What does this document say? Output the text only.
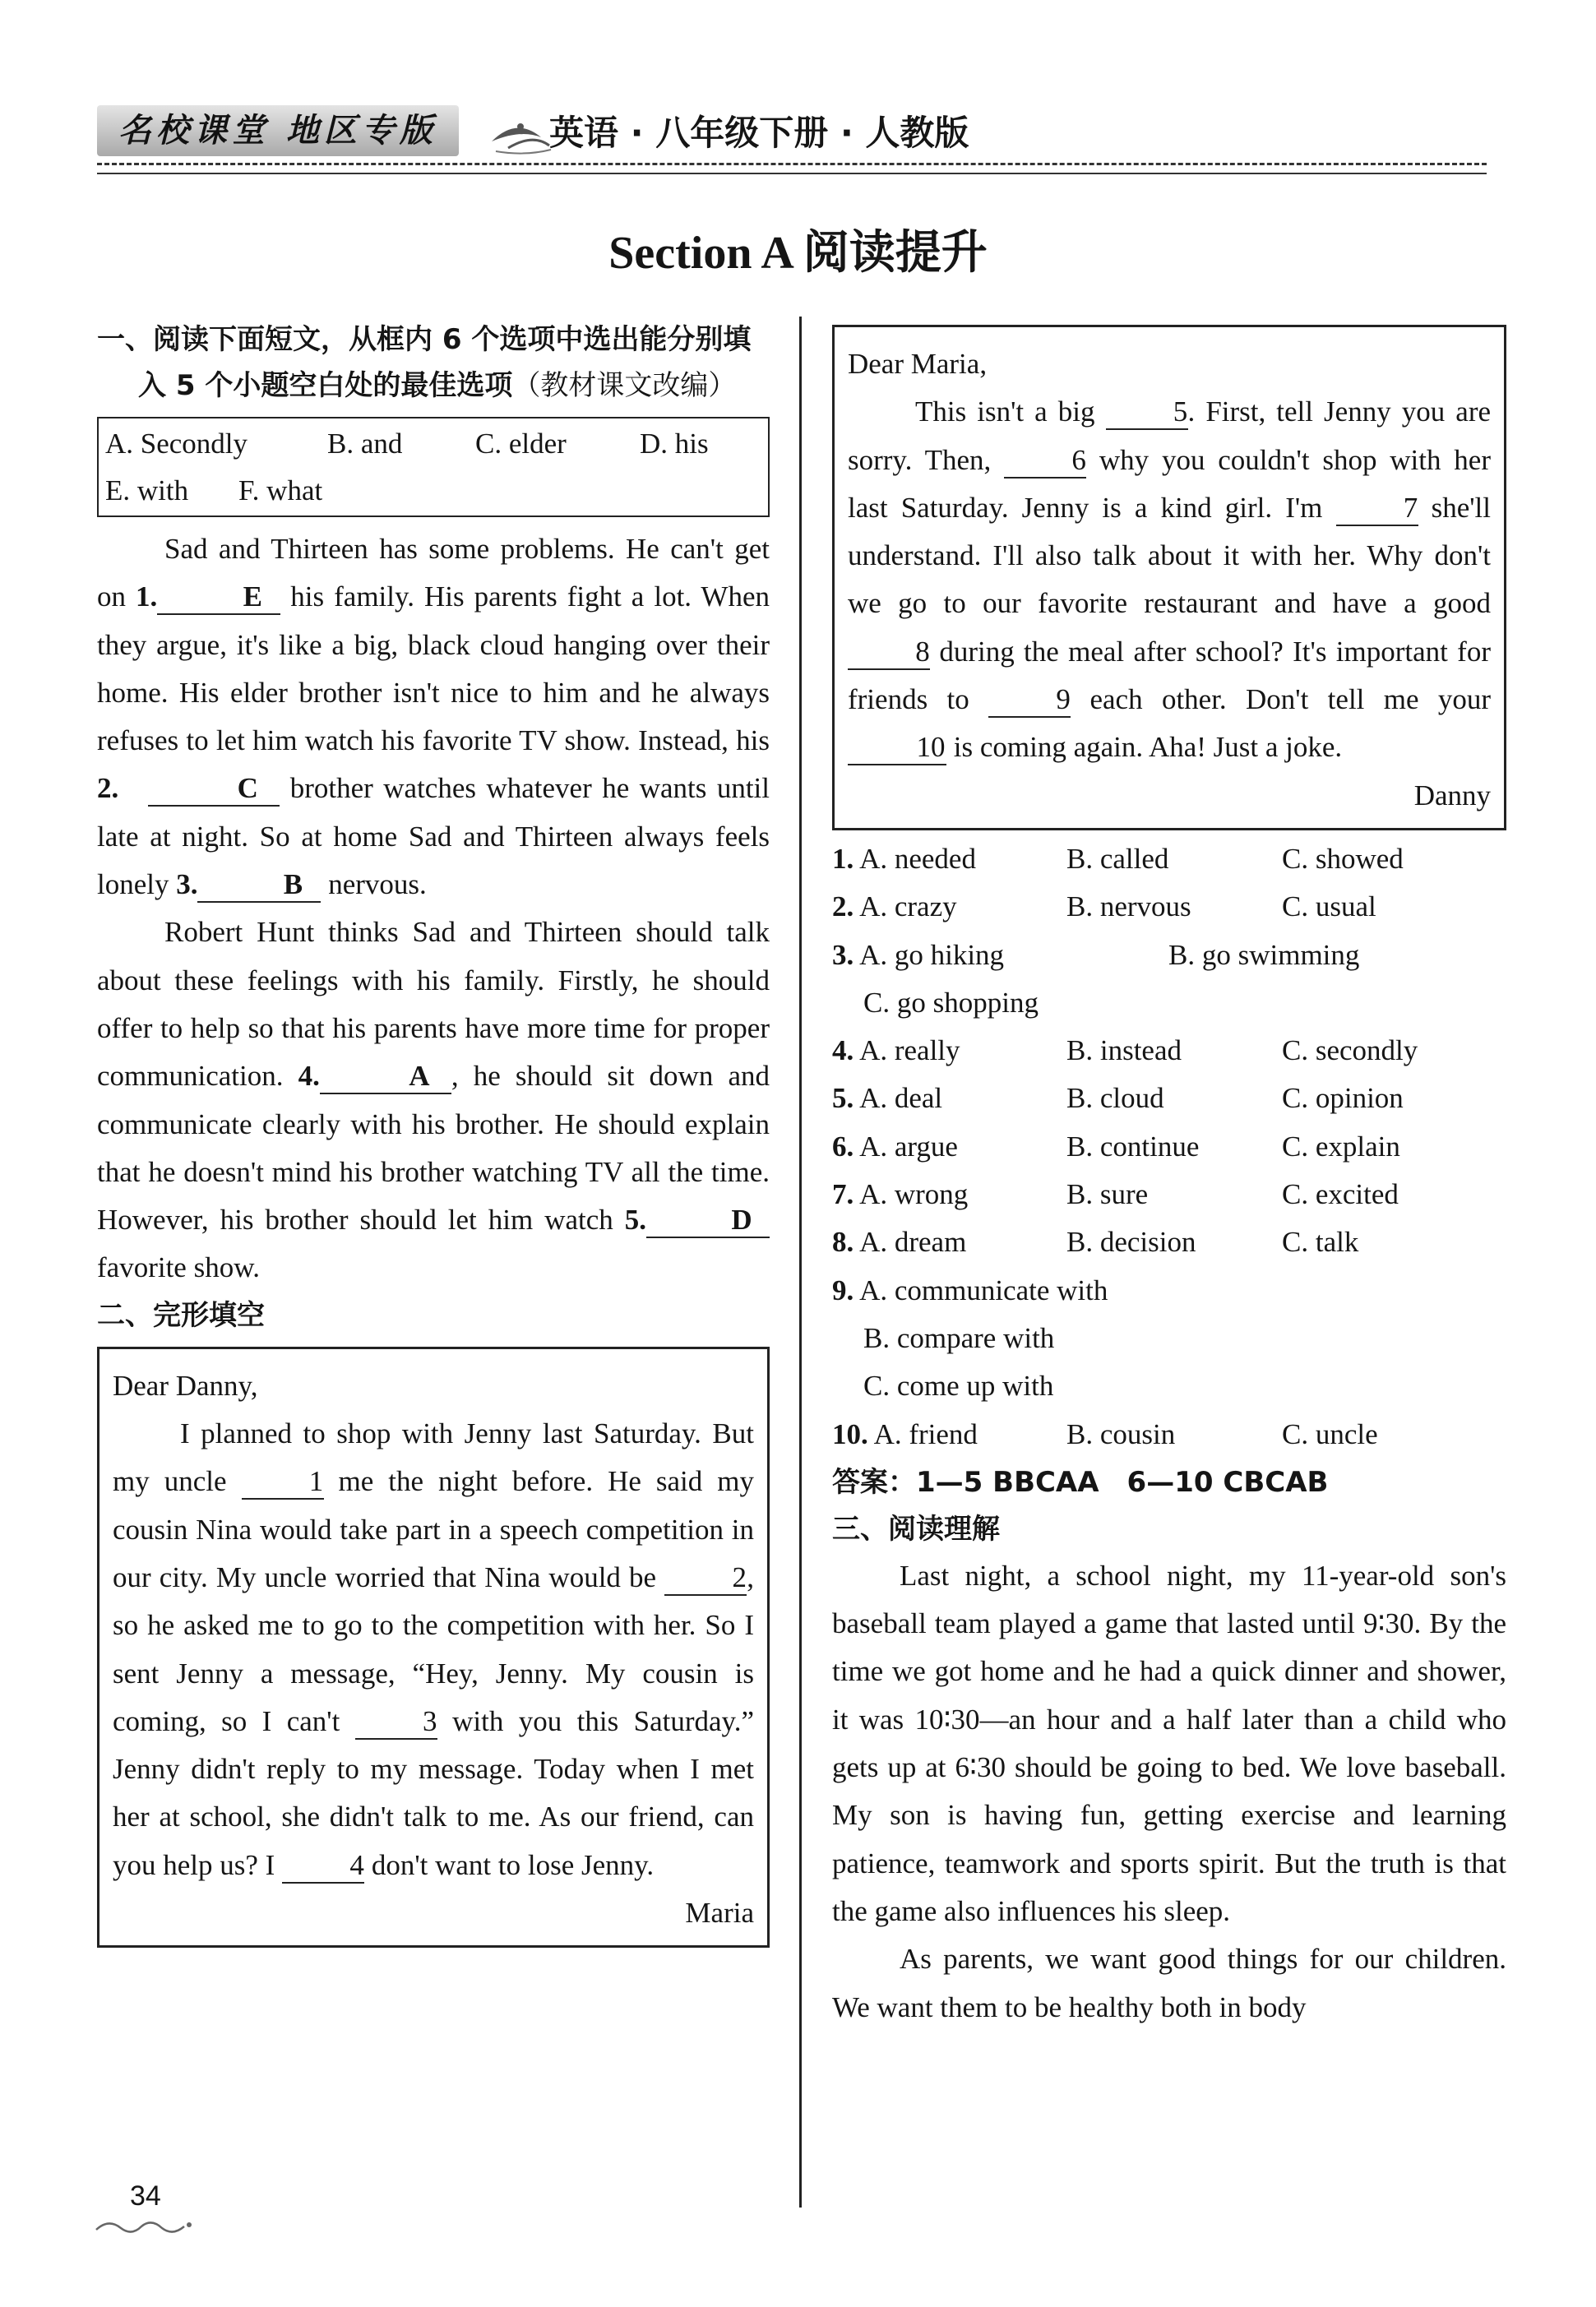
名校课堂 地区专版	英语 · 八年级下册 · 人教版
Section A 阅读提升

一、阅读下面短文，从框内 6 个选项中选出能分别填入 5 个小题空白处的最佳选项（教材课文改编）

A. Secondly	B. and	C. elder	D. his
E. with F. what

Sad and Thirteen has some problems. He can't get on 1.	E his family. His parents fight a lot. When they argue, it's like a big, black cloud hanging over their home. His elder brother isn't nice to him and he always refuses to let him watch his favorite TV show. Instead, his 2.	C brother watches whatever he wants until late at night. So at home Sad and Thirteen always feels lonely 3.	B nervous.

Robert Hunt thinks Sad and Thirteen should talk about these feelings with his family. Firstly, he should offer to help so that his parents have more time for proper communication. 4.	A , he should sit down and communicate clearly with his brother. He should explain that he doesn't mind his brother watching TV all the time. However, his brother should let him watch 5.	D favorite show.

二、完形填空

Dear Danny,

I planned to shop with Jenny last Saturday. But my uncle	1 me the night before. He said my cousin Nina would take part in a speech competition in our city. My uncle worried that Nina would be	2, so he asked me to go to the competition with her. So I sent Jenny a message, “Hey, Jenny. My cousin is coming, so I can't	3 with you this Saturday.” Jenny didn't reply to my message. Today when I met her at school, she didn't talk to me. As our friend, can you help us? I	4 don't want to lose Jenny.

Maria

Dear Maria,

This isn't a big	5. First, tell Jenny you are sorry. Then,	6 why you couldn't shop with her last Saturday. Jenny is a kind girl. I'm	7 she'll understand. I'll also talk about it with her. Why don't we go to our favorite restaurant and have a good 8 during the meal after school? It's important for friends to	9 each other. Don't tell me your 10 is coming again. Aha! Just a joke.

Danny

1. A. needed	B. called	C. showed
2. A. crazy	B. nervous	C. usual
3. A. go hiking	B. go swimming
C. go shopping
4. A. really	B. instead	C. secondly
5. A. deal	B. cloud	C. opinion
6. A. argue	B. continue	C. explain
7. A. wrong	B. sure	C. excited
8. A. dream	B. decision	C. talk
9. A. communicate with
B. compare with
C. come up with
10. A. friend	B. cousin	C. uncle

答案：1—5 BBCAA　6—10 CBCAB

三、阅读理解

Last night, a school night, my 11-year-old son's baseball team played a game that lasted until 9∶30. By the time we got home and he had a quick dinner and shower, it was 10∶30—an hour and a half later than a child who gets up at 6∶30 should be going to bed. We love baseball. My son is having fun, getting exercise and learning patience, teamwork and sports spirit. But the truth is that the game also influences his sleep.

As parents, we want good things for our children. We want them to be healthy both in body

34
